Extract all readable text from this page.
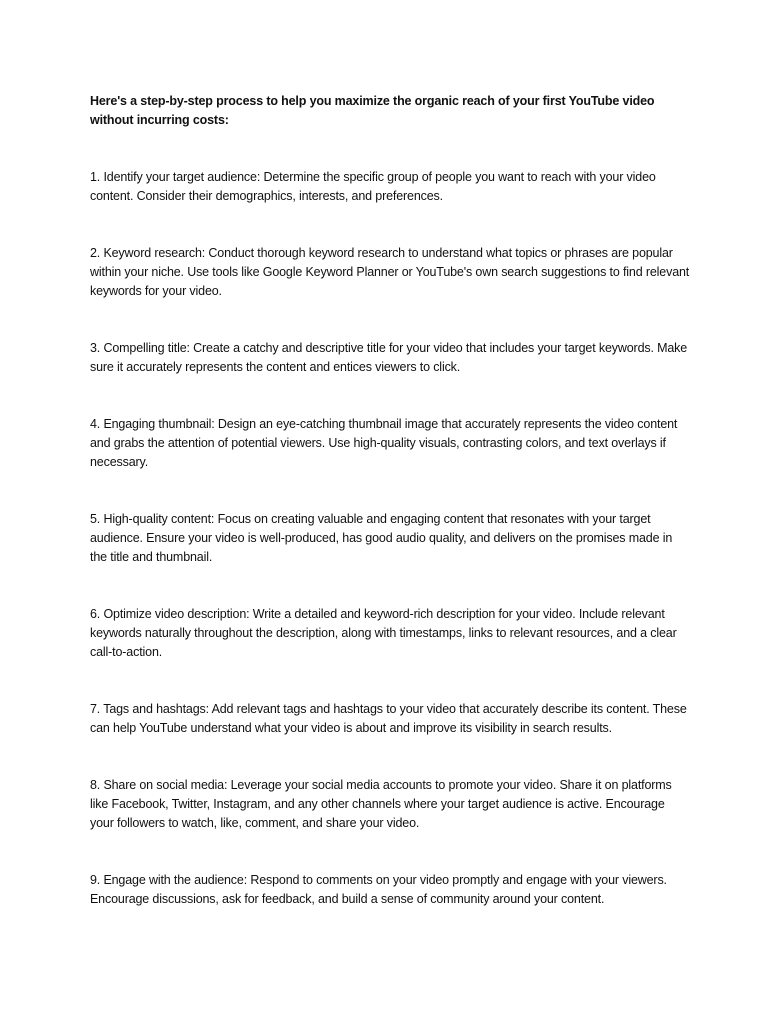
Here's a step-by-step process to help you maximize the organic reach of your first YouTube video without incurring costs:

1. Identify your target audience: Determine the specific group of people you want to reach with your video content. Consider their demographics, interests, and preferences.

2. Keyword research: Conduct thorough keyword research to understand what topics or phrases are popular within your niche. Use tools like Google Keyword Planner or YouTube's own search suggestions to find relevant keywords for your video.

3. Compelling title: Create a catchy and descriptive title for your video that includes your target keywords. Make sure it accurately represents the content and entices viewers to click.

4. Engaging thumbnail: Design an eye-catching thumbnail image that accurately represents the video content and grabs the attention of potential viewers. Use high-quality visuals, contrasting colors, and text overlays if necessary.

5. High-quality content: Focus on creating valuable and engaging content that resonates with your target audience. Ensure your video is well-produced, has good audio quality, and delivers on the promises made in the title and thumbnail.

6. Optimize video description: Write a detailed and keyword-rich description for your video. Include relevant keywords naturally throughout the description, along with timestamps, links to relevant resources, and a clear call-to-action.

7. Tags and hashtags: Add relevant tags and hashtags to your video that accurately describe its content. These can help YouTube understand what your video is about and improve its visibility in search results.

8. Share on social media: Leverage your social media accounts to promote your video. Share it on platforms like Facebook, Twitter, Instagram, and any other channels where your target audience is active. Encourage your followers to watch, like, comment, and share your video.

9. Engage with the audience: Respond to comments on your video promptly and engage with your viewers. Encourage discussions, ask for feedback, and build a sense of community around your content.
